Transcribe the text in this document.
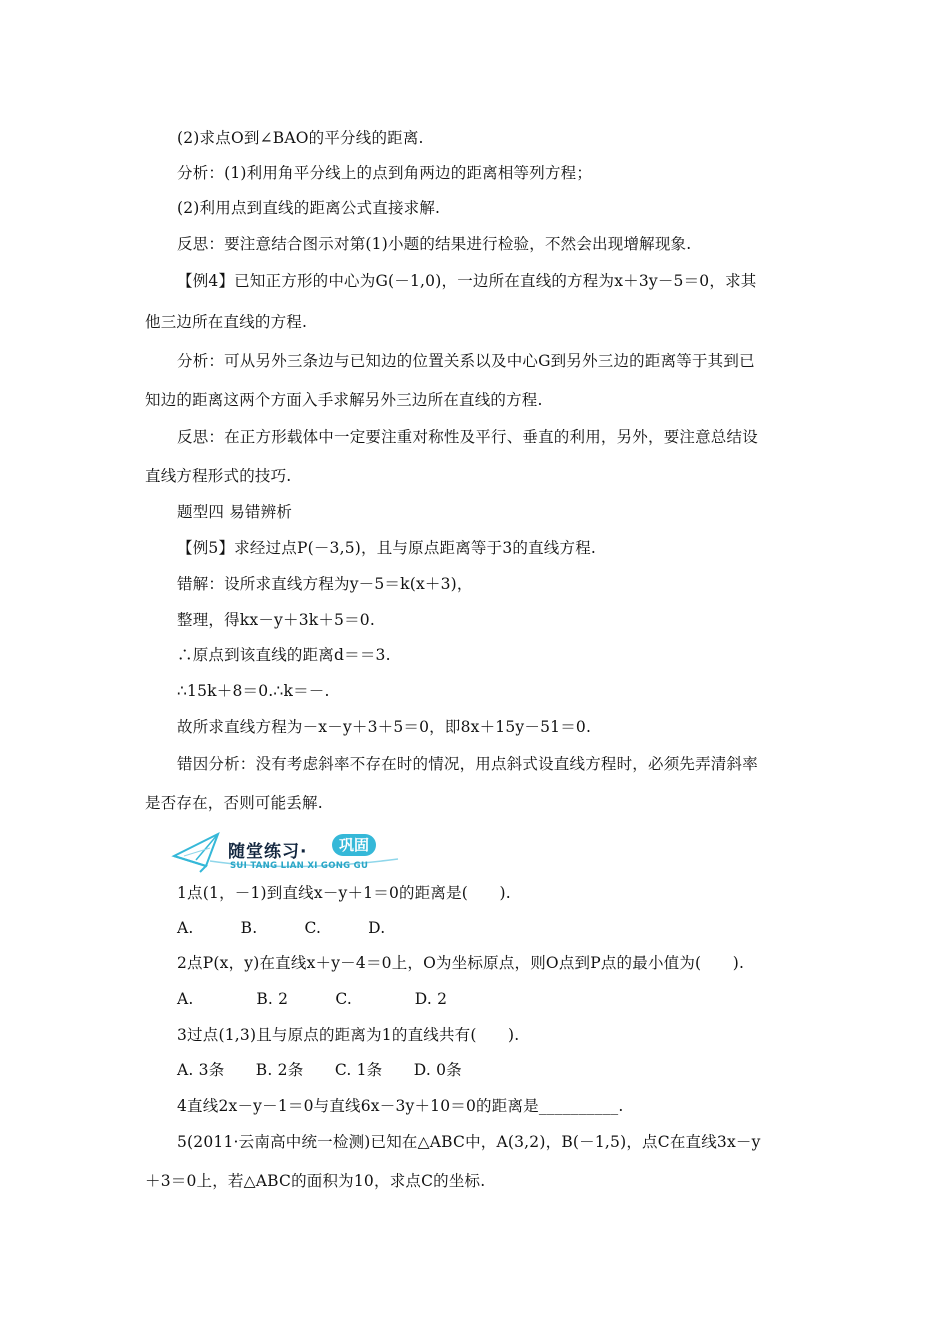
(2)求点O到∠BAO的平分线的距离.
分析：(1)利用角平分线上的点到角两边的距离相等列方程；
(2)利用点到直线的距离公式直接求解.
反思：要注意结合图示对第(1)小题的结果进行检验，不然会出现增解现象.
【例4】已知正方形的中心为G(－1,0)，一边所在直线的方程为x＋3y－5＝0，求其
他三边所在直线的方程.
分析：可从另外三条边与已知边的位置关系以及中心G到另外三边的距离等于其到已
知边的距离这两个方面入手求解另外三边所在直线的方程.
反思：在正方形载体中一定要注重对称性及平行、垂直的利用，另外，要注意总结设
直线方程形式的技巧.
题型四 易错辨析
【例5】求经过点P(－3,5)，且与原点距离等于3的直线方程.
错解：设所求直线方程为y－5＝k(x＋3)，
整理，得kx－y＋3k＋5＝0.
∴原点到该直线的距离d＝＝3.
∴15k＋8＝0.∴k＝－.
故所求直线方程为－x－y＋3＋5＝0，即8x＋15y－51＝0.
错因分析：没有考虑斜率不存在时的情况，用点斜式设直线方程时，必须先弄清斜率
是否存在，否则可能丢解.
随堂练习·	巩固
SUI TANG LIAN XI GONG GU
1点(1，－1)到直线x－y＋1＝0的距离是(　　).
A.　　　B.　　　C.　　　D.
2点P(x，y)在直线x＋y－4＝0上，O为坐标原点，则O点到P点的最小值为(　　).
A.　　　　B. 2　　　C.　　　　D. 2
3过点(1,3)且与原点的距离为1的直线共有(　　).
A. 3条　　B. 2条　　C. 1条　　D. 0条
4直线2x－y－1＝0与直线6x－3y＋10＝0的距离是__________.
5(2011·云南高中统一检测)已知在△ABC中，A(3,2)，B(－1,5)，点C在直线3x－y
＋3＝0上，若△ABC的面积为10，求点C的坐标.
